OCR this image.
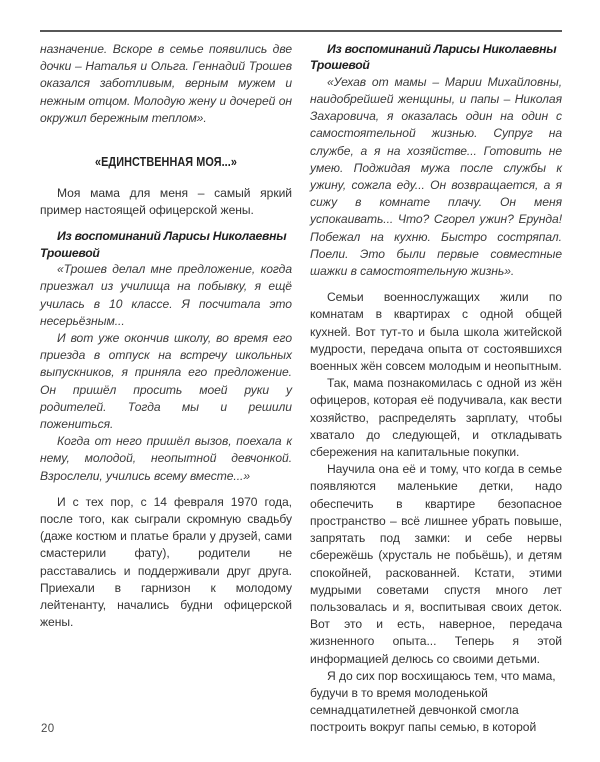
назначение. Вскоре в семье появились две дочки – Наталья и Ольга. Геннадий Трошев оказался заботливым, верным мужем и нежным отцом. Молодую жену и дочерей он окружил бережным теплом».

«ЕДИНСТВЕННАЯ МОЯ...»

Моя мама для меня – самый яркий пример настоящей офицерской жены.

Из воспоминаний Ларисы Николаевны Трошевой

«Трошев делал мне предложение, когда приезжал из училища на побывку, я ещё училась в 10 классе. Я посчитала это несерьёзным...

И вот уже окончив школу, во время его приезда в отпуск на встречу школьных выпускников, я приняла его предложение. Он пришёл просить моей руки у родителей. Тогда мы и решили пожениться.

Когда от него пришёл вызов, поехала к нему, молодой, неопытной девчонкой. Взрослели, учились всему вместе...»

И с тех пор, с 14 февраля 1970 года, после того, как сыграли скромную свадьбу (даже костюм и платье брали у друзей, сами смастерили фату), родители не расставались и поддерживали друг друга. Приехали в гарнизон к молодому лейтенанту, начались будни офицерской жены.

Из воспоминаний Ларисы Николаевны Трошевой

«Уехав от мамы – Марии Михайловны, наидобрейшей женщины, и папы – Николая Захаровича, я оказалась один на один с самостоятельной жизнью. Супруг на службе, а я на хозяйстве... Готовить не умею. Поджидая мужа после службы к ужину, сожгла еду... Он возвращается, а я сижу в комнате плачу. Он меня успокаивать... Что? Сгорел ужин? Ерунда! Побежал на кухню. Быстро состряпал. Поели. Это были первые совместные шажки в самостоятельную жизнь».

Семьи военнослужащих жили по комнатам в квартирах с одной общей кухней. Вот тут-то и была школа житейской мудрости, передача опыта от состоявшихся военных жён совсем молодым и неопытным.

Так, мама познакомилась с одной из жён офицеров, которая её подучивала, как вести хозяйство, распределять зарплату, чтобы хватало до следующей, и откладывать сбережения на капитальные покупки.

Научила она её и тому, что когда в семье появляются маленькие детки, надо обеспечить в квартире безопасное пространство – всё лишнее убрать повыше, запрятать под замки: и себе нервы сбережёшь (хрусталь не побьёшь), и детям спокойней, раскованней. Кстати, этими мудрыми советами спустя много лет пользовалась и я, воспитывая своих деток. Вот это и есть, наверное, передача жизненного опыта... Теперь я этой информацией делюсь со своими детьми.

Я до сих пор восхищаюсь тем, что мама, будучи в то время молоденькой семнадцатилетней девчонкой смогла построить вокруг папы семью, в которой

20
